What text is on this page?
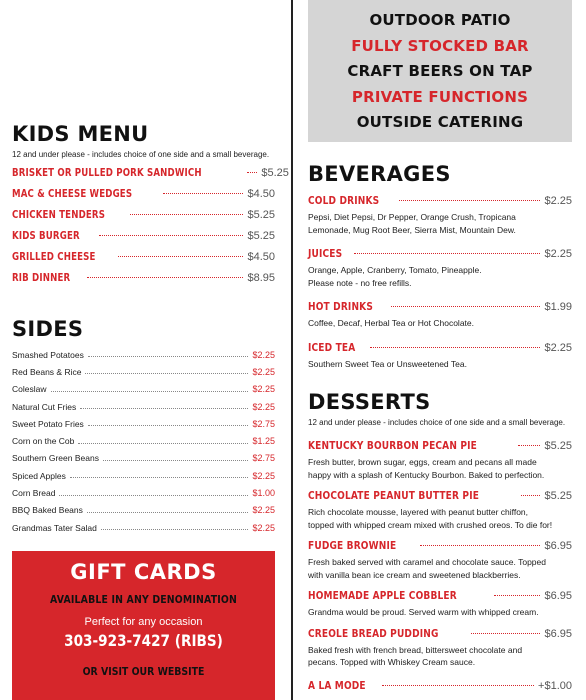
KIDS MENU
12 and under please - includes choice of one side and a small beverage.
BRISKET OR PULLED PORK SANDWICH	$5.25
MAC & CHEESE WEDGES	$4.50
CHICKEN TENDERS	$5.25
KIDS BURGER	$5.25
GRILLED CHEESE	$4.50
RIB DINNER	$8.95
SIDES
Smashed Potatoes	$2.25
Red Beans & Rice	$2.25
Coleslaw	$2.25
Natural Cut Fries	$2.25
Sweet Potato Fries	$2.75
Corn on the Cob	$1.25
Southern Green Beans	$2.75
Spiced Apples	$2.25
Corn Bread	$1.00
BBQ Baked Beans	$2.25
Grandmas Tater Salad	$2.25
GIFT CARDS
AVAILABLE IN ANY DENOMINATION
Perfect for any occasion
303-923-7427 (RIBS)
OR VISIT OUR WEBSITE
OUTDOOR PATIO
FULLY STOCKED BAR
CRAFT BEERS ON TAP
PRIVATE FUNCTIONS
OUTSIDE CATERING
BEVERAGES
COLD DRINKS	$2.25
Pepsi, Diet Pepsi, Dr Pepper, Orange Crush, Tropicana
Lemonade, Mug Root Beer, Sierra Mist, Mountain Dew.
JUICES	$2.25
Orange, Apple, Cranberry, Tomato, Pineapple.
Please note - no free refills.
HOT DRINKS	$1.99
Coffee, Decaf, Herbal Tea or Hot Chocolate.
ICED TEA	$2.25
Southern Sweet Tea or Unsweetened Tea.
DESSERTS
12 and under please - includes choice of one side and a small beverage.
KENTUCKY BOURBON PECAN PIE	$5.25
Fresh butter, brown sugar, eggs, cream and pecans all made
happy with a splash of Kentucky Bourbon. Baked to perfection.
CHOCOLATE PEANUT BUTTER PIE	$5.25
Rich chocolate mousse, layered with peanut butter chiffon,
topped with whipped cream mixed with crushed oreos. To die for!
FUDGE BROWNIE	$6.95
Fresh baked served with caramel and chocolate sauce. Topped
with vanilla bean ice cream and sweetened blackberries.
HOMEMADE APPLE COBBLER	$6.95
Grandma would be proud. Served warm with whipped cream.
CREOLE BREAD PUDDING	$6.95
Baked fresh with french bread, bittersweet chocolate and
pecans. Topped with Whiskey Cream sauce.
A LA MODE	+$1.00
